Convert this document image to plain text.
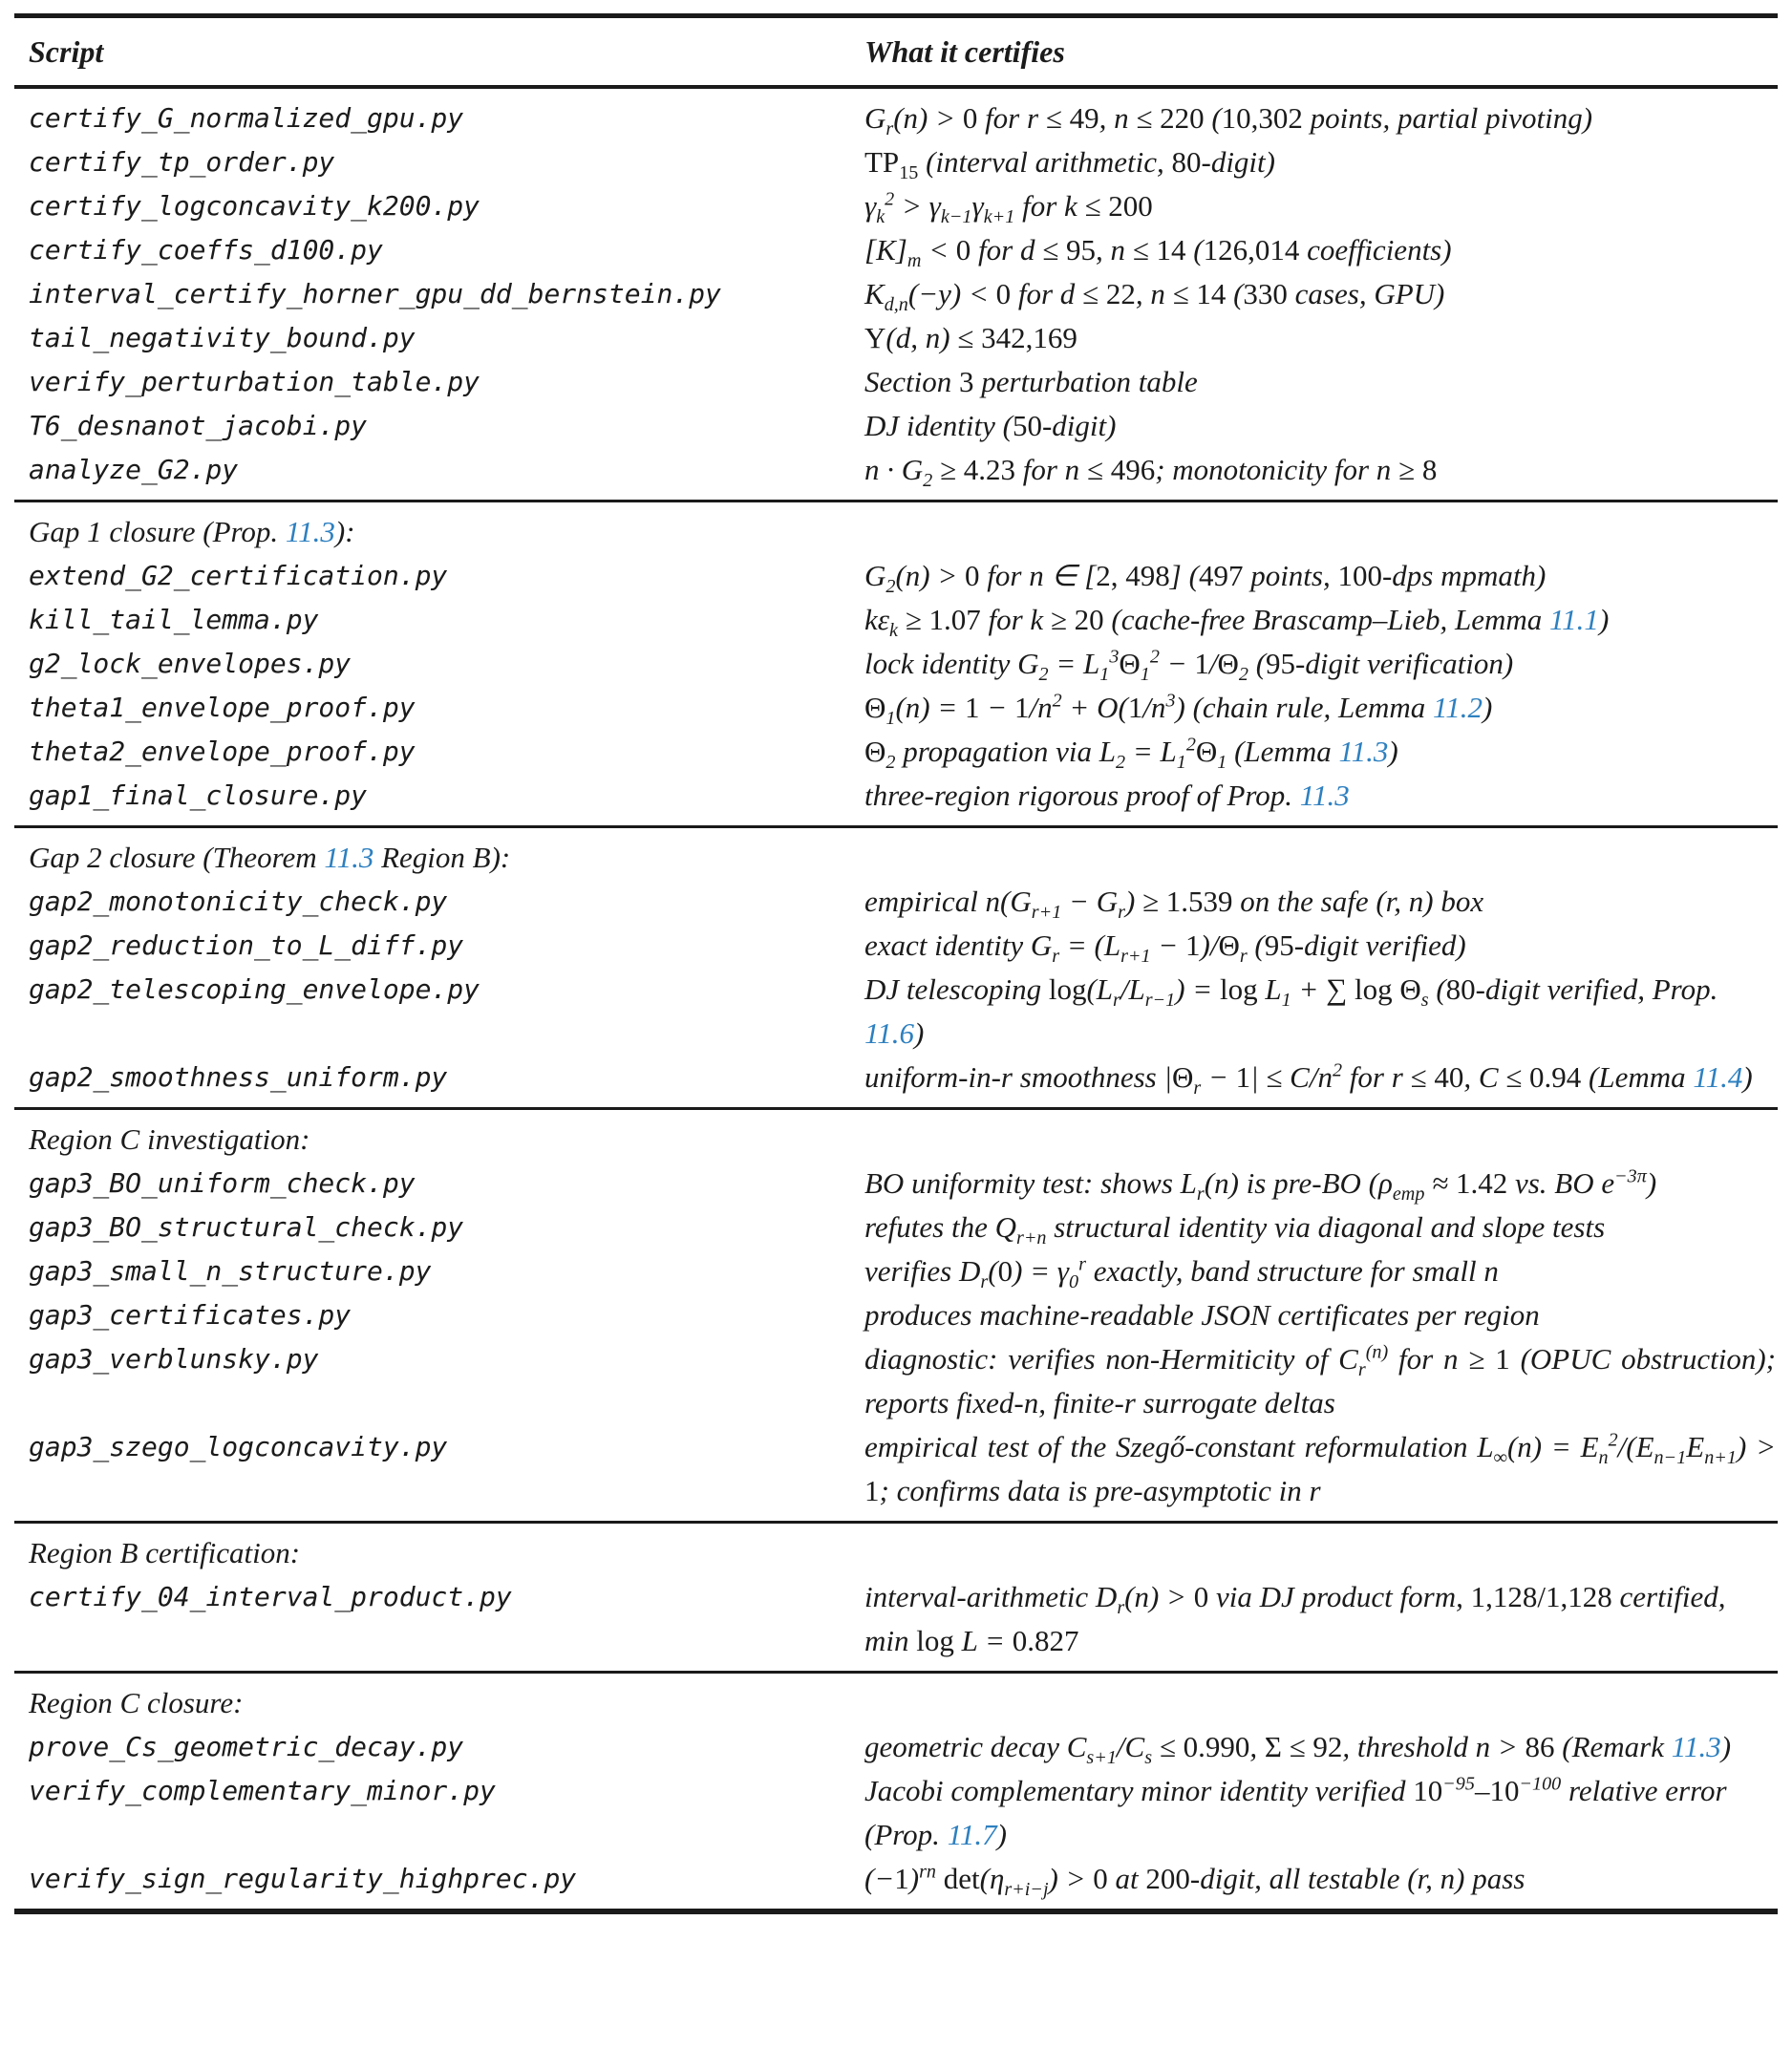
Script	What it certifies
certify_G_normalized_gpu.py	$G_r(n) > 0$ for r ≤ 49, n ≤ 220 (10,302 points, partial pivoting)
certify_tp_order.py	$TP_{15}$ (interval arithmetic, 80-digit)
certify_logconcavity_k200.py	$\gamma_k^2 > \gamma_{k-1}\gamma_{k+1}$ for k ≤ 200
certify_coeffs_d100.py	$[K]_m < 0$ for d ≤ 95, n ≤ 14 (126,014 coefficients)
interval_certify_horner_gpu_dd_bernstein.py	$K_{d,n}(-y) < 0$ for d ≤ 22, n ≤ 14 (330 cases, GPU)
tail_negativity_bound.py	Υ(d, n) ≤ 342,169
verify_perturbation_table.py	Section 3 perturbation table
T6_desnanot_jacobi.py	DJ identity (50-digit)
analyze_G2.py	$n \cdot G_2 \ge 4.23$ for n ≤ 496; monotonicity for n ≥ 8
Gap 1 closure (Prop. 11.3):
extend_G2_certification.py	$G_2(n) > 0$ for n ∈ [2, 498] (497 points, 100-dps mpmath)
kill_tail_lemma.py	$k\varepsilon_k \ge 1.07$ for k ≥ 20 (cache-free Brascamp–Lieb, Lemma 11.1)
g2_lock_envelopes.py	lock identity $G_2 = L_1^3\Theta_1^2 - 1/\Theta_2$ (95-digit verification)
theta1_envelope_proof.py	$\Theta_1(n) = 1 - 1/n^2 + O(1/n^3)$ (chain rule, Lemma 11.2)
theta2_envelope_proof.py	$\Theta_2$ propagation via $L_2 = L_1^2\Theta_1$ (Lemma 11.3)
gap1_final_closure.py	three-region rigorous proof of Prop. 11.3
Gap 2 closure (Theorem 11.3 Region B):
gap2_monotonicity_check.py	empirical $n(G_{r+1} - G_r) \ge 1.539$ on the safe (r, n) box
gap2_reduction_to_L_diff.py	exact identity $G_r = (L_{r+1} - 1)/\Theta_r$ (95-digit verified)
gap2_telescoping_envelope.py	DJ telescoping $\log(L_r/L_{r-1}) = \log L_1$ + ∑ $\log \Theta_s$ (80-digit verified, Prop. 11.6)
gap2_smoothness_uniform.py	uniform-in-r smoothness $|\Theta_r - 1| \le C/n^2$ for r ≤ 40, C ≤ 0.94 (Lemma 11.4)
Region C investigation:
gap3_BO_uniform_check.py	BO uniformity test: shows $L_r(n)$ is pre-BO ($\rho_{emp} \approx 1.42$ vs. BO $e^{-3\pi}$)
gap3_BO_structural_check.py	refutes the $Q_{r+n}$ structural identity via diagonal and slope tests
gap3_small_n_structure.py	verifies $D_r(0) = \gamma_0^r$ exactly, band structure for small n
gap3_certificates.py	produces machine-readable JSON certificates per region
gap3_verblunsky.py	diagnostic: verifies non-Hermiticity of $C_r^{(n)}$ for n ≥ 1 (OPUC obstruction); reports fixed-n, finite-r surrogate deltas
gap3_szego_logconcavity.py	empirical test of the Szegő-constant reformulation $L_\infty(n) = E_n^2/(E_{n-1}E_{n+1}) > 1$; confirms data is pre-asymptotic in r
Region B certification:
certify_04_interval_product.py	interval-arithmetic $D_r(n) > 0$ via DJ product form, 1,128/1,128 certified, min log L = 0.827
Region C closure:
prove_Cs_geometric_decay.py	geometric decay $C_{s+1}/C_s \le 0.990$, Σ ≤ 92, threshold n > 86 (Remark 11.3)
verify_complementary_minor.py	Jacobi complementary minor identity verified $10^{-95}-10^{-100}$ relative error (Prop. 11.7)
verify_sign_regularity_highprec.py	$(-1)^{rn}$ $\det(\eta_{r+i-j}) > 0$ at 200-digit, all testable (r, n) pass
